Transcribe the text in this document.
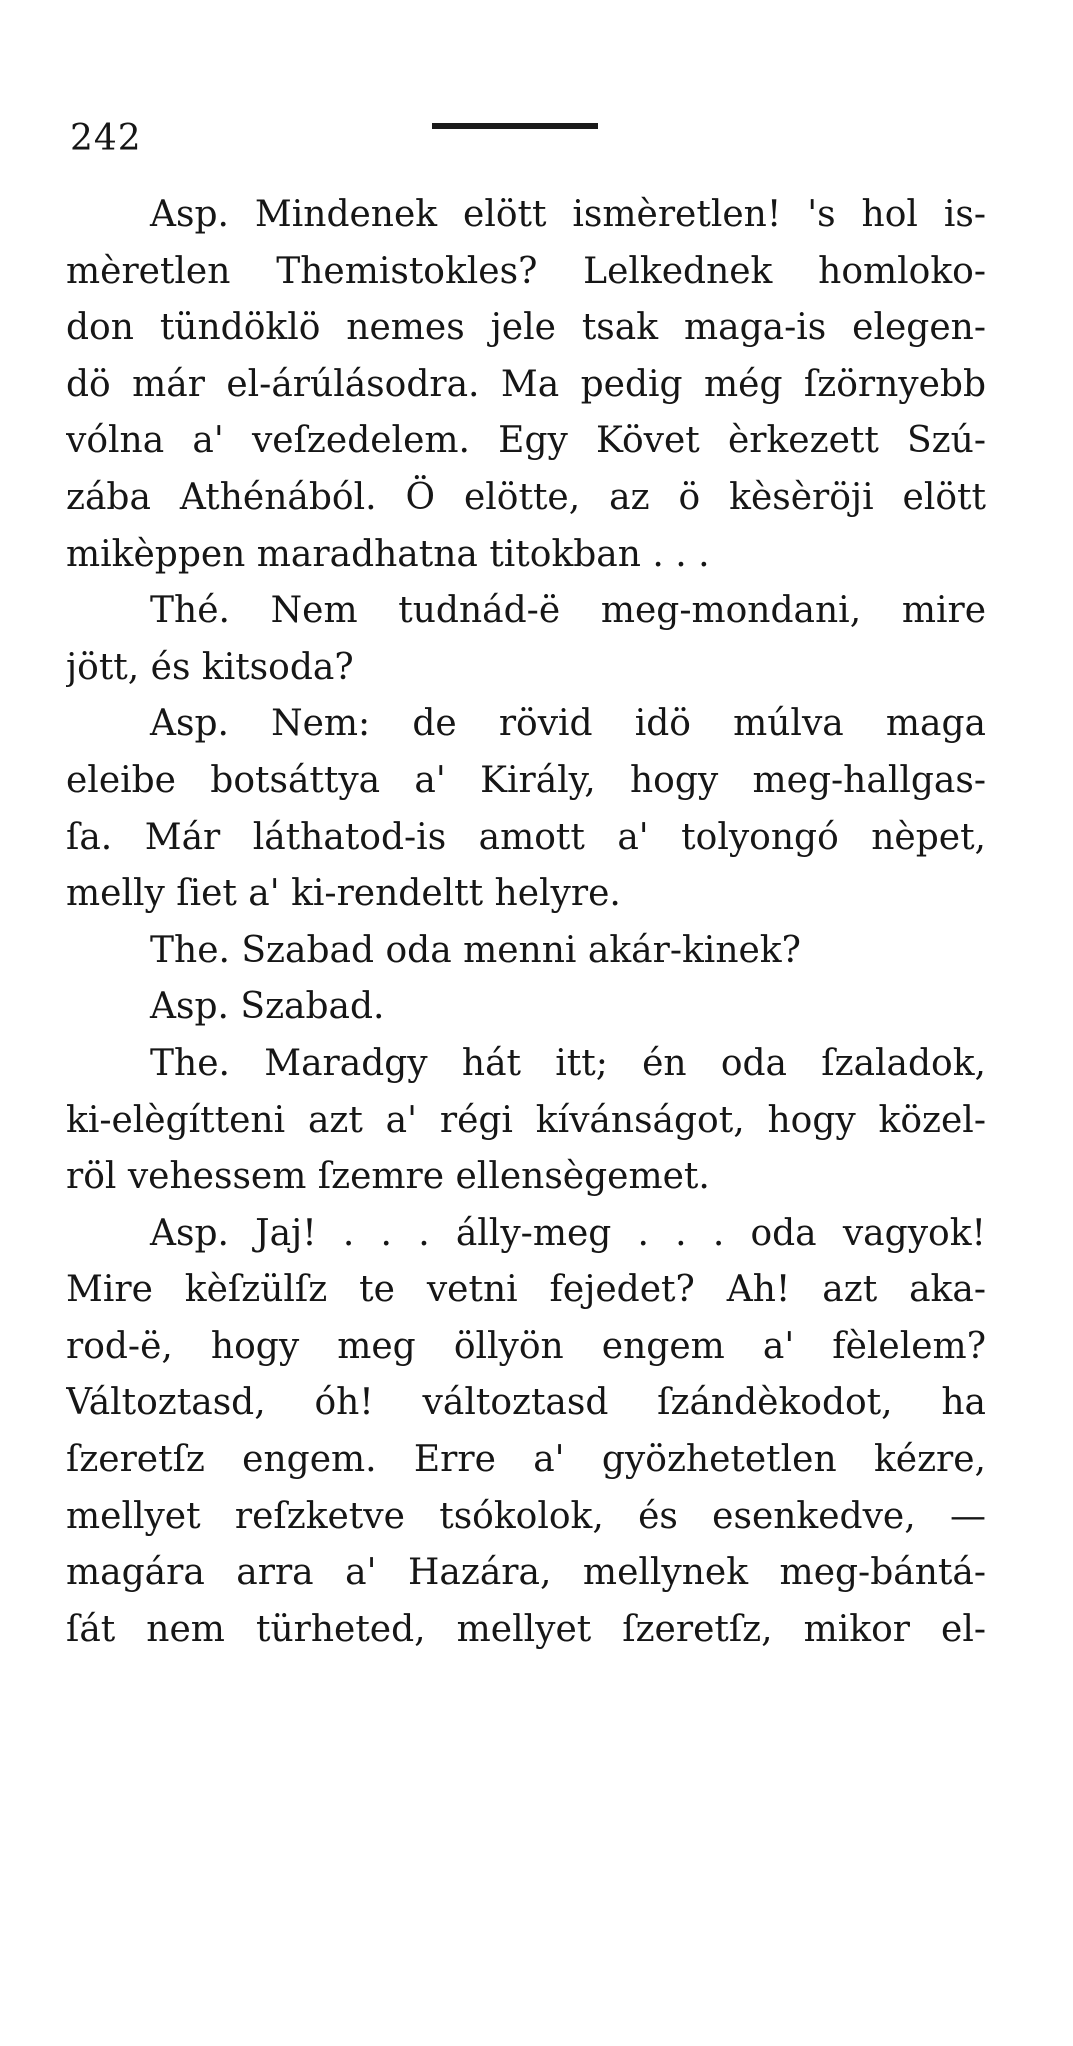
242
Asp. Mindenek elött ismèretlen! 's hol is-
mèretlen Themistokles? Lelkednek homloko-
don tündöklö nemes jele tsak maga-is elegen-
dö már el-árúlásodra. Ma pedig még ſzörnyebb
vólna a' veſzedelem. Egy Követ èrkezett Szú-
zába Athénából. Ö elötte, az ö kèsèröji elött
mikèppen maradhatna titokban . . .
Thé. Nem tudnád-ë meg-mondani, mire
jött, és kitsoda?
Asp. Nem: de rövid idö múlva maga
eleibe botsáttya a' Király, hogy meg-hallgas-
ſa. Már láthatod-is amott a' tolyongó nèpet,
melly ſiet a' ki-rendeltt helyre.
The. Szabad oda menni akár-kinek?
Asp. Szabad.
The. Maradgy hát itt; én oda ſzaladok,
ki-elègítteni azt a' régi kívánságot, hogy közel-
röl vehessem ſzemre ellensègemet.
Asp. Jaj! . . . álly-meg . . . oda vagyok!
Mire kèſzülſz te vetni fejedet? Ah! azt aka-
rod-ë, hogy meg öllyön engem a' fèlelem?
Változtasd, óh! változtasd ſzándèkodot, ha
ſzeretſz engem. Erre a' gyözhetetlen kézre,
mellyet reſzketve tsókolok, és esenkedve, —
magára arra a' Hazára, mellynek meg-bántá-
ſát nem türheted, mellyet ſzeretſz, mikor el-
